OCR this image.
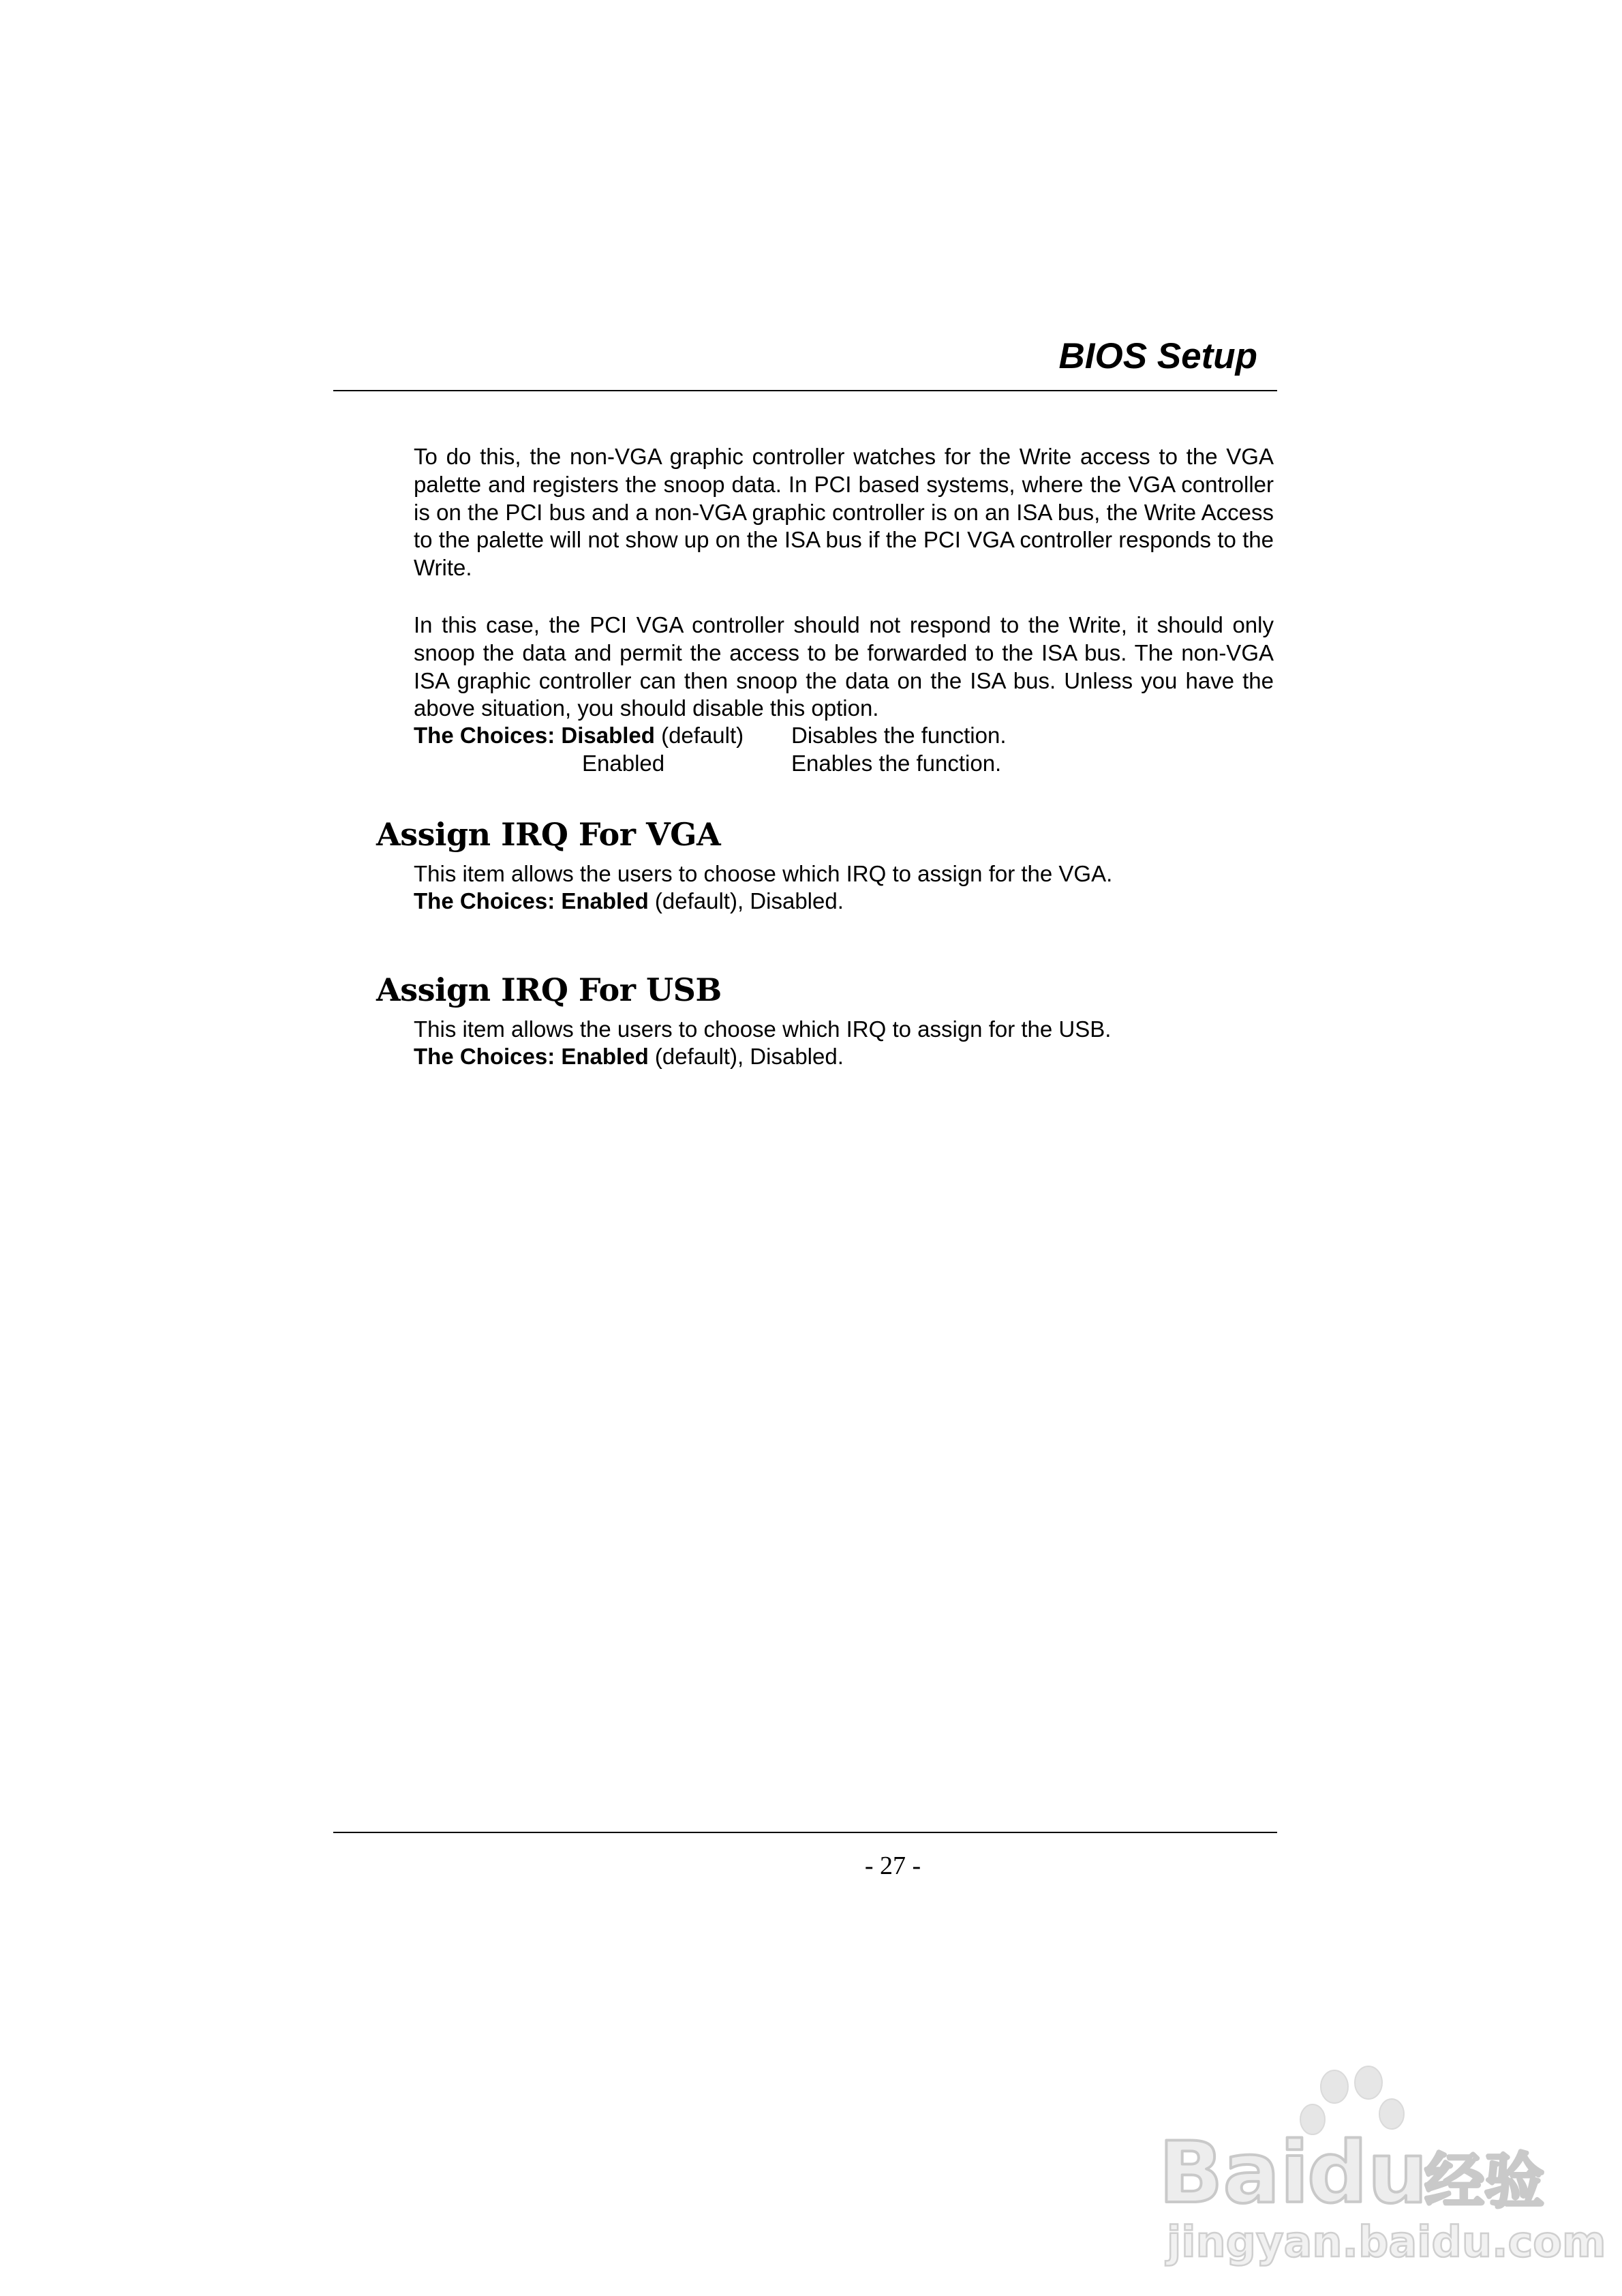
BIOS Setup

To do this, the non-VGA graphic controller watches for the Write access to the VGA palette and registers the snoop data. In PCI based systems, where the VGA controller is on the PCI bus and a non-VGA graphic controller is on an ISA bus, the Write Access to the palette will not show up on the ISA bus if the PCI VGA controller responds to the Write.

In this case, the PCI VGA controller should not respond to the Write, it should only snoop the data and permit the access to be forwarded to the ISA bus. The non-VGA ISA graphic controller can then snoop the data on the ISA bus. Unless you have the above situation, you should disable this option.

The Choices: Disabled (default) Disables the function.
Enabled	Enables the function.
Assign IRQ For VGA

This item allows the users to choose which IRQ to assign for the VGA.

The Choices: Enabled (default), Disabled.
Assign IRQ For USB

This item allows the users to choose which IRQ to assign for the USB.

The Choices: Enabled (default), Disabled.
- 27 -
Bai
du
经验
jingyan.baidu.com
